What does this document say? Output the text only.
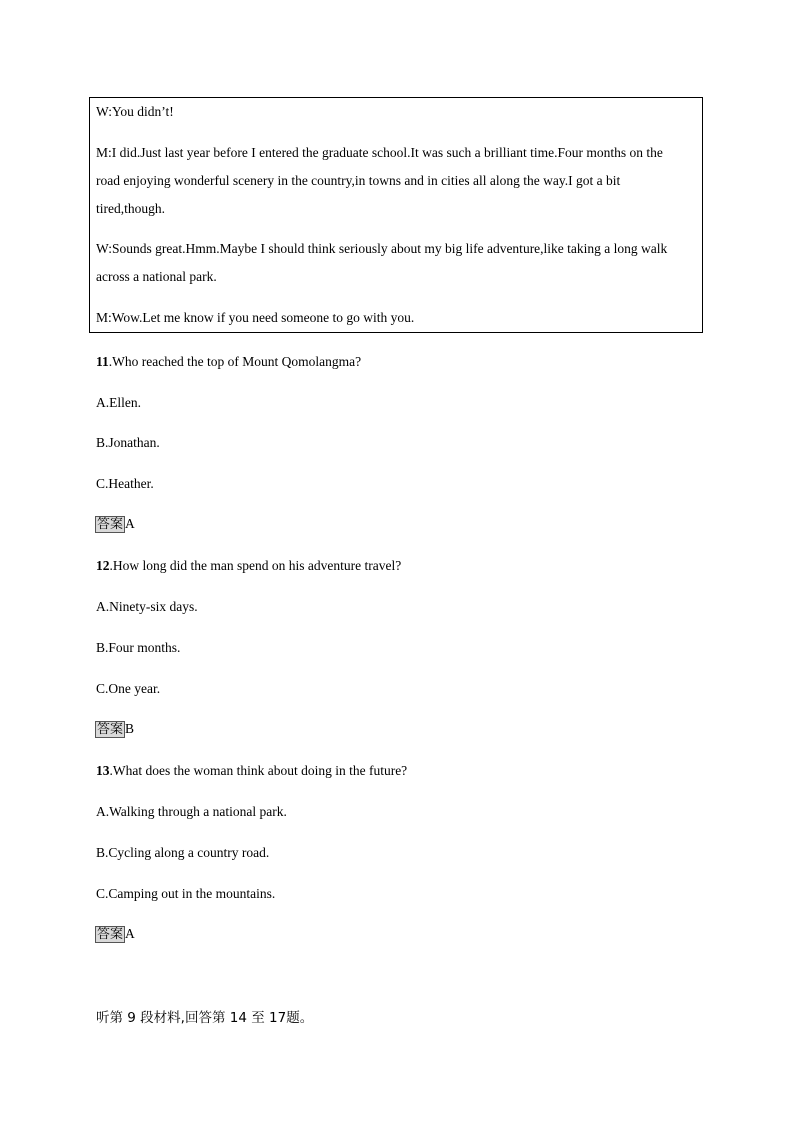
W:You didn’t!
M:I did.Just last year before I entered the graduate school.It was such a brilliant time.Four months on the
road enjoying wonderful scenery in the country,in towns and in cities all along the way.I got a bit
tired,though.
W:Sounds great.Hmm.Maybe I should think seriously about my big life adventure,like taking a long walk
across a national park.
M:Wow.Let me know if you need someone to go with you.
11.Who reached the top of Mount Qomolangma?
A.Ellen.
B.Jonathan.
C.Heather.
答案 A
12.How long did the man spend on his adventure travel?
A.Ninety-six days.
B.Four months.
C.One year.
答案 B
13.What does the woman think about doing in the future?
A.Walking through a national park.
B.Cycling along a country road.
C.Camping out in the mountains.
答案 A
听第 9 段材料,回答第 14 至 17题。
